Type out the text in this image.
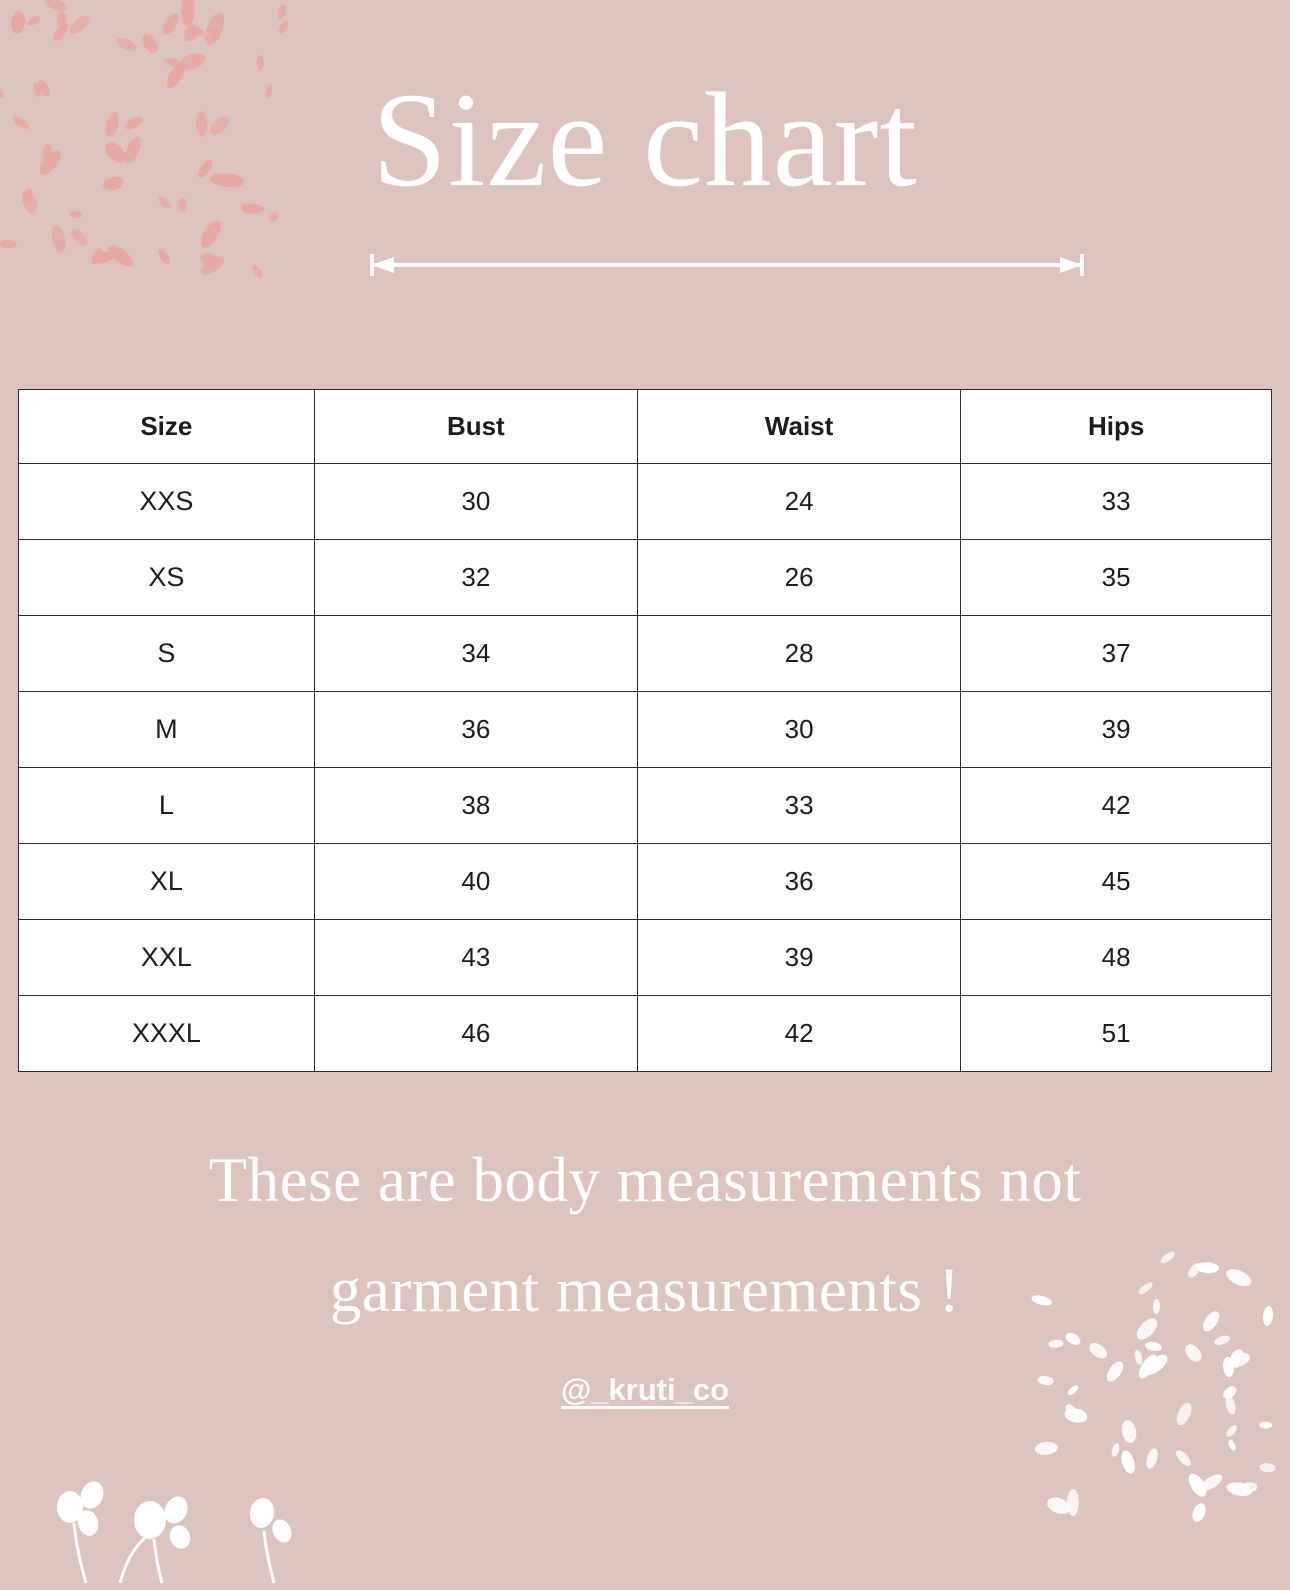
Size chart
Size	Bust	Waist	Hips
XXS	30	24	33
XS	32	26	35
S	34	28	37
M	36	30	39
L	38	33	42
XL	40	36	45
XXL	43	39	48
XXXL	46	42	51
These are body measurements not
garment measurements !
@_kruti_co
